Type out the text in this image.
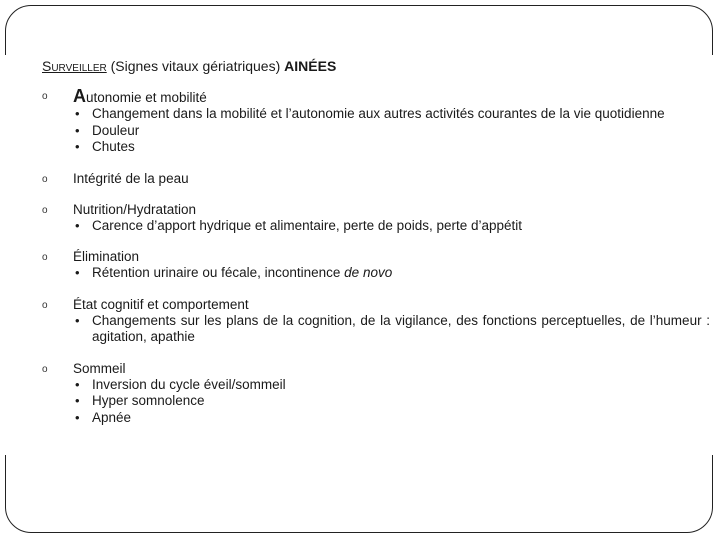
Surveiller (Signes vitaux gériatriques) AINÉES
o Autonomie et mobilité
• Changement dans la mobilité et l’autonomie aux autres activités courantes de la vie quotidienne
• Douleur
• Chutes
o Intégrité de la peau
o Nutrition/Hydratation
• Carence d’apport hydrique et alimentaire, perte de poids, perte d’appétit
o Élimination
• Rétention urinaire ou fécale, incontinence de novo
o État cognitif et comportement
• Changements sur les plans de la cognition, de la vigilance, des fonctions perceptuelles, de l’humeur : agitation, apathie
o Sommeil
• Inversion du cycle éveil/sommeil
• Hyper somnolence
• Apnée
